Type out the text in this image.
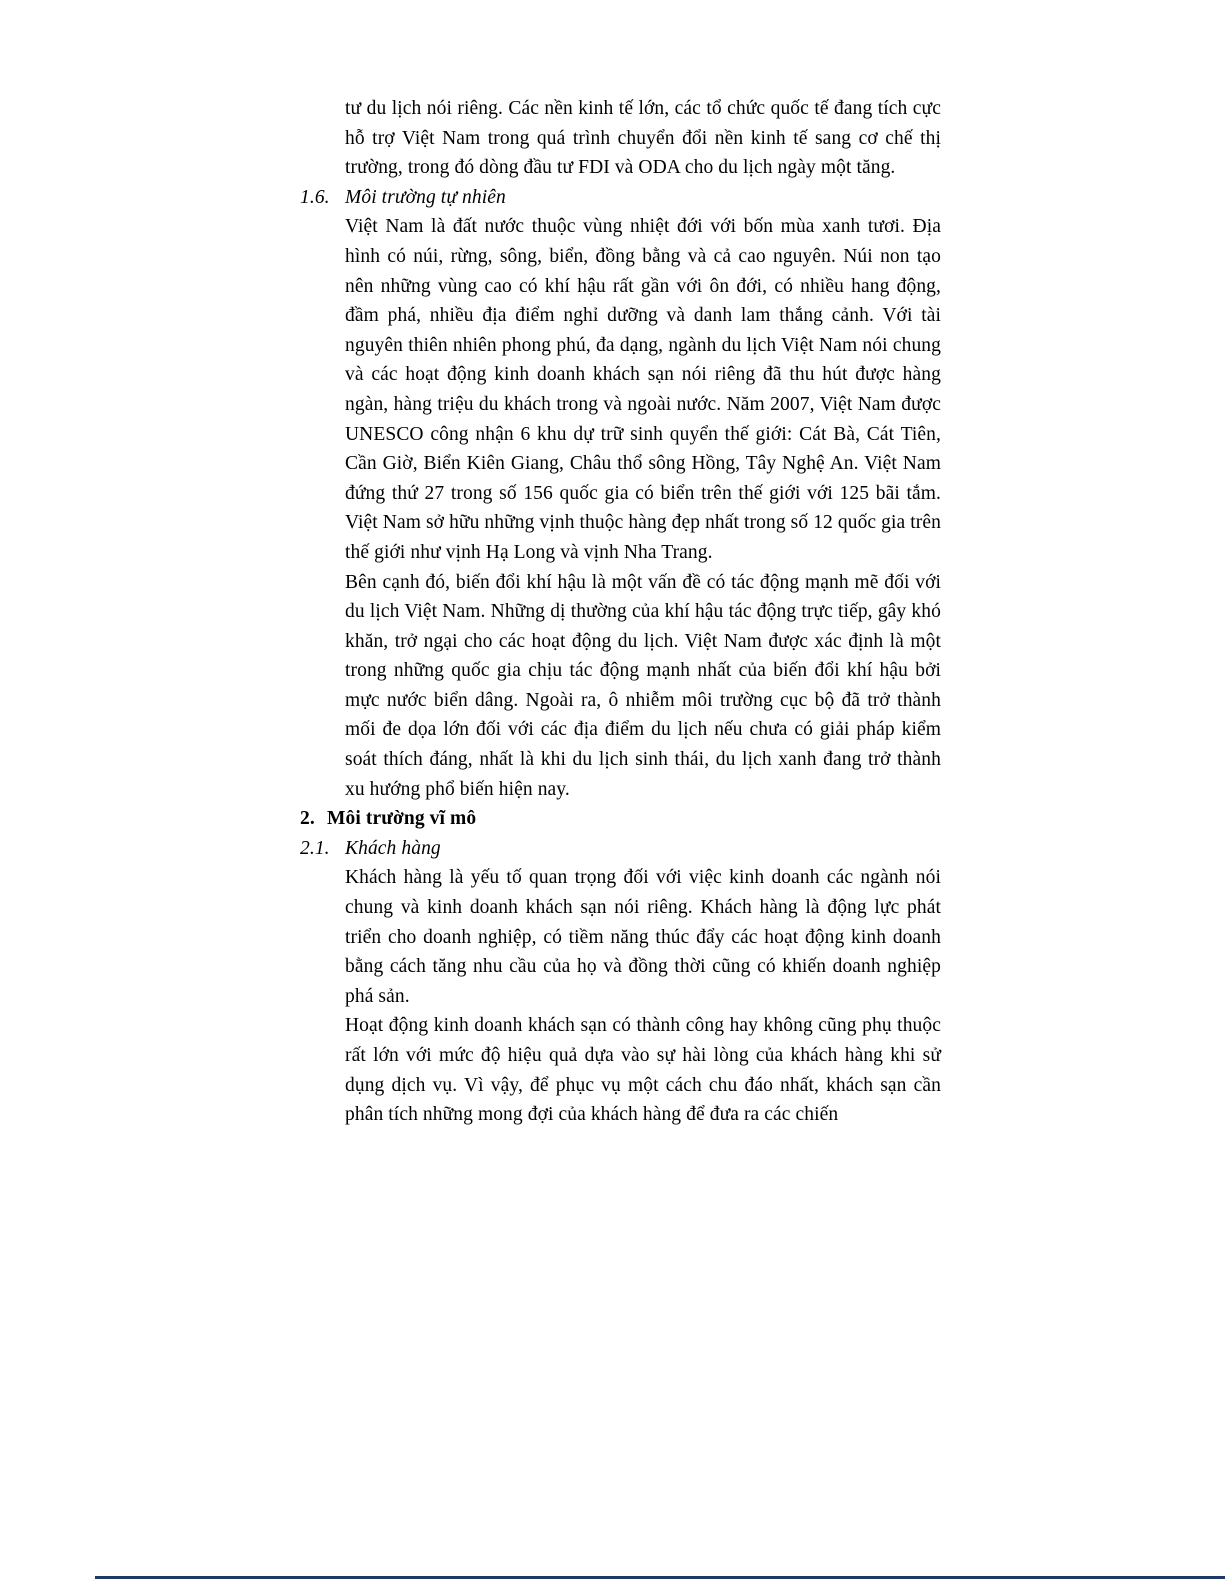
tư du lịch nói riêng. Các nền kinh tế lớn, các tổ chức quốc tế đang tích cực hỗ trợ Việt Nam trong quá trình chuyển đổi nền kinh tế sang cơ chế thị trường, trong đó dòng đầu tư FDI và ODA cho du lịch ngày một tăng.

1.6. Môi trường tự nhiên

Việt Nam là đất nước thuộc vùng nhiệt đới với bốn mùa xanh tươi. Địa hình có núi, rừng, sông, biển, đồng bằng và cả cao nguyên. Núi non tạo nên những vùng cao có khí hậu rất gần với ôn đới, có nhiều hang động, đầm phá, nhiều địa điểm nghỉ dưỡng và danh lam thắng cảnh. Với tài nguyên thiên nhiên phong phú, đa dạng, ngành du lịch Việt Nam nói chung và các hoạt động kinh doanh khách sạn nói riêng đã thu hút được hàng ngàn, hàng triệu du khách trong và ngoài nước. Năm 2007, Việt Nam được UNESCO công nhận 6 khu dự trữ sinh quyển thế giới: Cát Bà, Cát Tiên, Cần Giờ, Biển Kiên Giang, Châu thổ sông Hồng, Tây Nghệ An. Việt Nam đứng thứ 27 trong số 156 quốc gia có biển trên thế giới với 125 bãi tắm. Việt Nam sở hữu những vịnh thuộc hàng đẹp nhất trong số 12 quốc gia trên thế giới như vịnh Hạ Long và vịnh Nha Trang.

Bên cạnh đó, biến đổi khí hậu là một vấn đề có tác động mạnh mẽ đối với du lịch Việt Nam. Những dị thường của khí hậu tác động trực tiếp, gây khó khăn, trở ngại cho các hoạt động du lịch. Việt Nam được xác định là một trong những quốc gia chịu tác động mạnh nhất của biến đổi khí hậu bởi mực nước biển dâng. Ngoài ra, ô nhiễm môi trường cục bộ đã trở thành mối đe dọa lớn đối với các địa điểm du lịch nếu chưa có giải pháp kiểm soát thích đáng, nhất là khi du lịch sinh thái, du lịch xanh đang trở thành xu hướng phổ biến hiện nay.

2. Môi trường vĩ mô
2.1. Khách hàng

Khách hàng là yếu tố quan trọng đối với việc kinh doanh các ngành nói chung và kinh doanh khách sạn nói riêng. Khách hàng là động lực phát triển cho doanh nghiệp, có tiềm năng thúc đẩy các hoạt động kinh doanh bằng cách tăng nhu cầu của họ và đồng thời cũng có khiến doanh nghiệp phá sản.

Hoạt động kinh doanh khách sạn có thành công hay không cũng phụ thuộc rất lớn với mức độ hiệu quả dựa vào sự hài lòng của khách hàng khi sử dụng dịch vụ. Vì vậy, để phục vụ một cách chu đáo nhất, khách sạn cần phân tích những mong đợi của khách hàng để đưa ra các chiến
